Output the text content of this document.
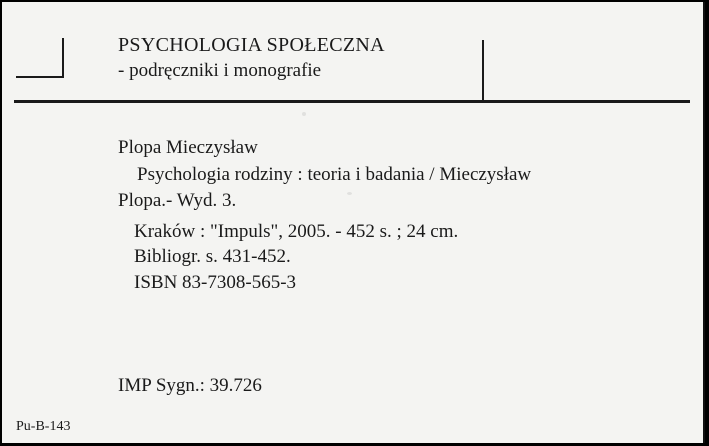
PSYCHOLOGIA SPOŁECZNA
- podręczniki i monografie
Plopa Mieczysław
Psychologia rodziny : teoria i badania / Mieczysław
Plopa.- Wyd. 3.
Kraków : "Impuls", 2005. - 452 s. ; 24 cm.
Bibliogr. s. 431-452.
ISBN 83-7308-565-3
IMP Sygn.: 39.726
Pu-B-143
